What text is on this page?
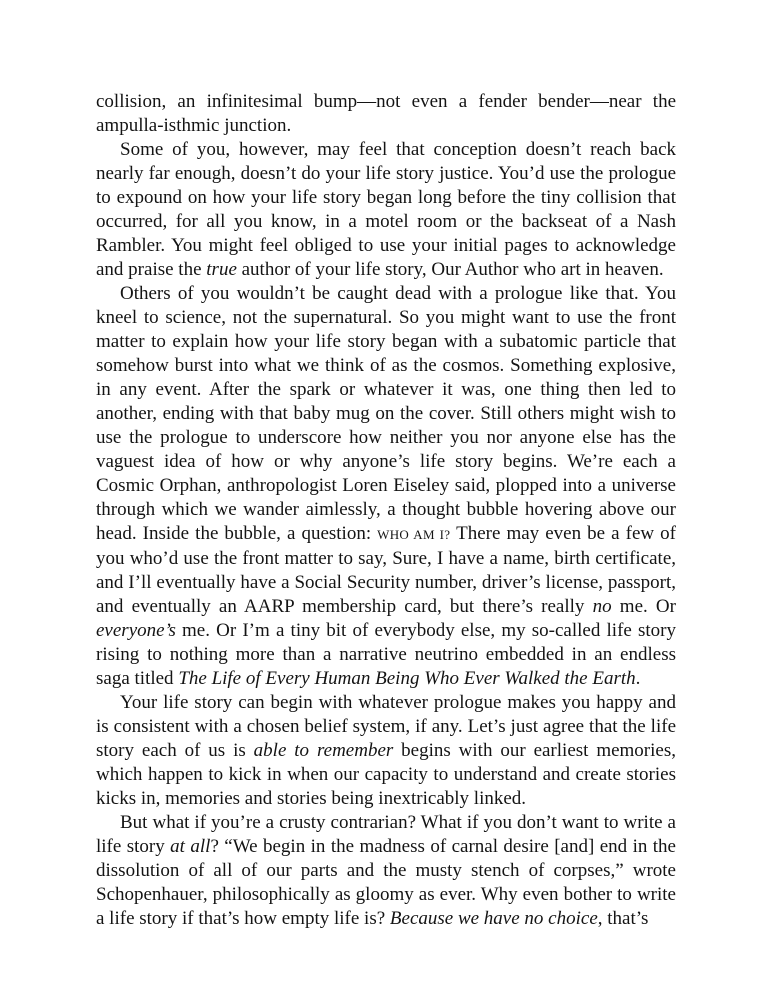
collision, an infinitesimal bump—not even a fender bender—near the ampulla-isthmic junction.

Some of you, however, may feel that conception doesn’t reach back nearly far enough, doesn’t do your life story justice. You’d use the prologue to expound on how your life story began long before the tiny collision that occurred, for all you know, in a motel room or the backseat of a Nash Rambler. You might feel obliged to use your initial pages to acknowledge and praise the true author of your life story, Our Author who art in heaven.

Others of you wouldn’t be caught dead with a prologue like that. You kneel to science, not the supernatural. So you might want to use the front matter to explain how your life story began with a subatomic particle that somehow burst into what we think of as the cosmos. Something explosive, in any event. After the spark or whatever it was, one thing then led to another, ending with that baby mug on the cover. Still others might wish to use the prologue to underscore how neither you nor anyone else has the vaguest idea of how or why anyone’s life story begins. We’re each a Cosmic Orphan, anthropologist Loren Eiseley said, plopped into a universe through which we wander aimlessly, a thought bubble hovering above our head. Inside the bubble, a question: WHO AM I? There may even be a few of you who’d use the front matter to say, Sure, I have a name, birth certificate, and I’ll eventually have a Social Security number, driver’s license, passport, and eventually an AARP membership card, but there’s really no me. Or everyone’s me. Or I’m a tiny bit of everybody else, my so-called life story rising to nothing more than a narrative neutrino embedded in an endless saga titled The Life of Every Human Being Who Ever Walked the Earth.

Your life story can begin with whatever prologue makes you happy and is consistent with a chosen belief system, if any. Let’s just agree that the life story each of us is able to remember begins with our earliest memories, which happen to kick in when our capacity to understand and create stories kicks in, memories and stories being inextricably linked.

But what if you’re a crusty contrarian? What if you don’t want to write a life story at all? “We begin in the madness of carnal desire [and] end in the dissolution of all of our parts and the musty stench of corpses,” wrote Schopenhauer, philosophically as gloomy as ever. Why even bother to write a life story if that’s how empty life is? Because we have no choice, that’s
